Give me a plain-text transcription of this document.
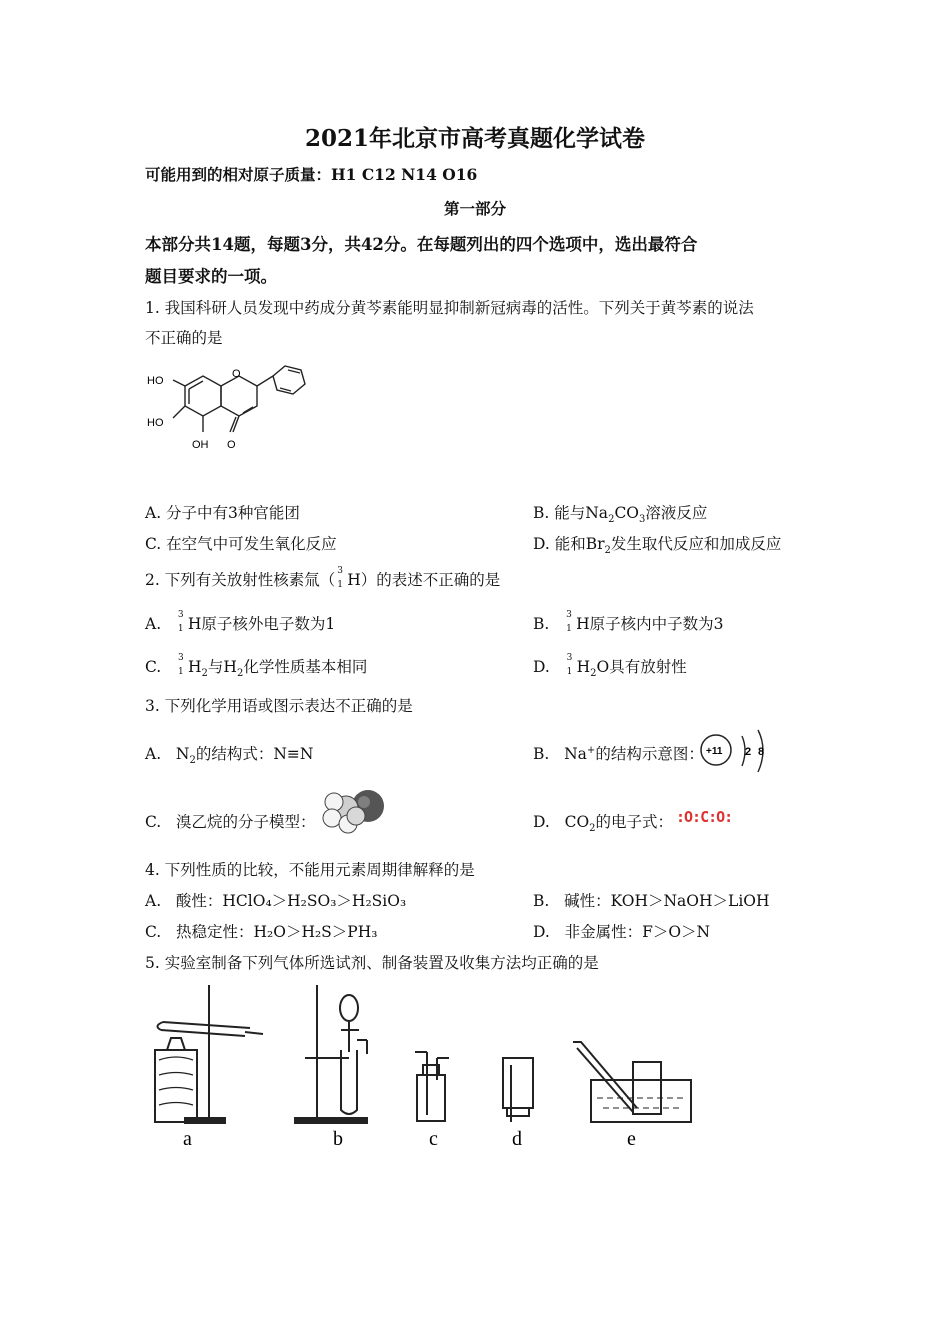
2021年北京市高考真题化学试卷
可能用到的相对原子质量：H1 C12 N14 O16
第一部分
本部分共14题，每题3分，共42分。在每题列出的四个选项中，选出最符合
题目要求的一项。
1. 我国科研人员发现中药成分黄芩素能明显抑制新冠病毒的活性。下列关于黄芩素的说法
不正确的是
HO
HO
OH
O
O
A. 分子中有3种官能团	B. 能与$Na_2CO_3$溶液反应
C. 在空气中可发生氧化反应	D. 能和$Br_2$发生取代反应和加成反应
2. 下列有关放射性核素氚（ 3
1 H）的表述不正确的是
A. 3
1 H原子核外电子数为1	B. 3
1 H原子核内中子数为3
C. 3
1 $H_2$与$H_2$化学性质基本相同	D. 3
1 $H_2O$具有放射性
3. 下列化学用语或图示表达不正确的是
A. $N_2$的结构式：N≡N	B. Na+的结构示意图： +11 2 8
C. 溴乙烷的分子模型：	D. $CO_2$的电子式： :O:C:O:
4. 下列性质的比较，不能用元素周期律解释的是
A. 酸性：HClO₄＞H₂SO₃＞H₂SiO₃	B. 碱性：KOH＞NaOH＞LiOH
C. 热稳定性：H₂O＞H₂S＞PH₃	D. 非金属性：F＞O＞N
5. 实验室制备下列气体所选试剂、制备装置及收集方法均正确的是
a	b	c	d	e
